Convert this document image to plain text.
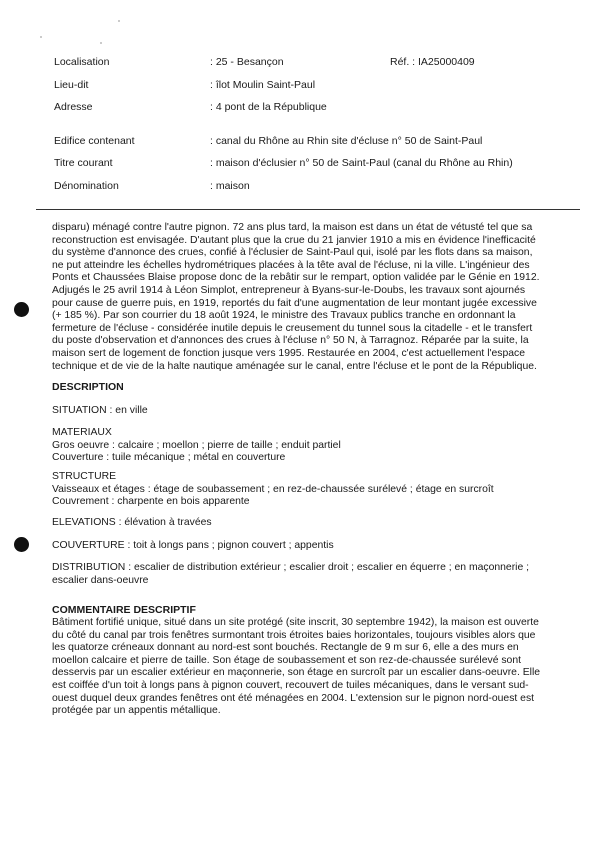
Localisation	: 25 - Besançon	Réf. : IA25000409
Lieu-dit	: îlot Moulin Saint-Paul
Adresse	: 4 pont de la République
Edifice contenant	: canal du Rhône au Rhin site d'écluse n° 50 de Saint-Paul
Titre courant	: maison d'éclusier n° 50 de Saint-Paul (canal du Rhône au Rhin)
Dénomination	: maison
disparu) ménagé contre l'autre pignon. 72 ans plus tard, la maison est dans un état de vétusté tel que sa
reconstruction est envisagée. D'autant plus que la crue du 21 janvier 1910 a mis en évidence l'inefficacité
du système d'annonce des crues, confié à l'éclusier de Saint-Paul qui, isolé par les flots dans sa maison,
ne put atteindre les échelles hydrométriques placées à la tête aval de l'écluse, ni la ville. L'ingénieur des
Ponts et Chaussées Blaise propose donc de la rebâtir sur le rempart, option validée par le Génie en 1912.
Adjugés le 25 avril 1914 à Léon Simplot, entrepreneur à Byans-sur-le-Doubs, les travaux sont ajournés
pour cause de guerre puis, en 1919, reportés du fait d'une augmentation de leur montant jugée excessive
(+ 185 %). Par son courrier du 18 août 1924, le ministre des Travaux publics tranche en ordonnant la
fermeture de l'écluse - considérée inutile depuis le creusement du tunnel sous la citadelle - et le transfert
du poste d'observation et d'annonces des crues à l'écluse n° 50 N, à Tarragnoz. Réparée par la suite, la
maison sert de logement de fonction jusque vers 1995. Restaurée en 2004, c'est actuellement l'espace
technique et de vie de la halte nautique aménagée sur le canal, entre l'écluse et le pont de la République.
DESCRIPTION
SITUATION : en ville
MATERIAUX
Gros oeuvre : calcaire ; moellon ; pierre de taille ; enduit partiel
Couverture : tuile mécanique ; métal en couverture
STRUCTURE
Vaisseaux et étages : étage de soubassement ; en rez-de-chaussée surélevé ; étage en surcroît
Couvrement : charpente en bois apparente
ELEVATIONS : élévation à travées
COUVERTURE : toit à longs pans ; pignon couvert ; appentis
DISTRIBUTION : escalier de distribution extérieur ; escalier droit ; escalier en équerre ; en maçonnerie ;
escalier dans-oeuvre
COMMENTAIRE DESCRIPTIF
Bâtiment fortifié unique, situé dans un site protégé (site inscrit, 30 septembre 1942), la maison est ouverte
du côté du canal par trois fenêtres surmontant trois étroites baies horizontales, toujours visibles alors que
les quatorze créneaux donnant au nord-est sont bouchés. Rectangle de 9 m sur 6, elle a des murs en
moellon calcaire et pierre de taille. Son étage de soubassement et son rez-de-chaussée surélevé sont
desservis par un escalier extérieur en maçonnerie, son étage en surcroît par un escalier dans-oeuvre. Elle
est coiffée d'un toit à longs pans à pignon couvert, recouvert de tuiles mécaniques, dans le versant sud-
ouest duquel deux grandes fenêtres ont été ménagées en 2004. L'extension sur le pignon nord-ouest est
protégée par un appentis métallique.
